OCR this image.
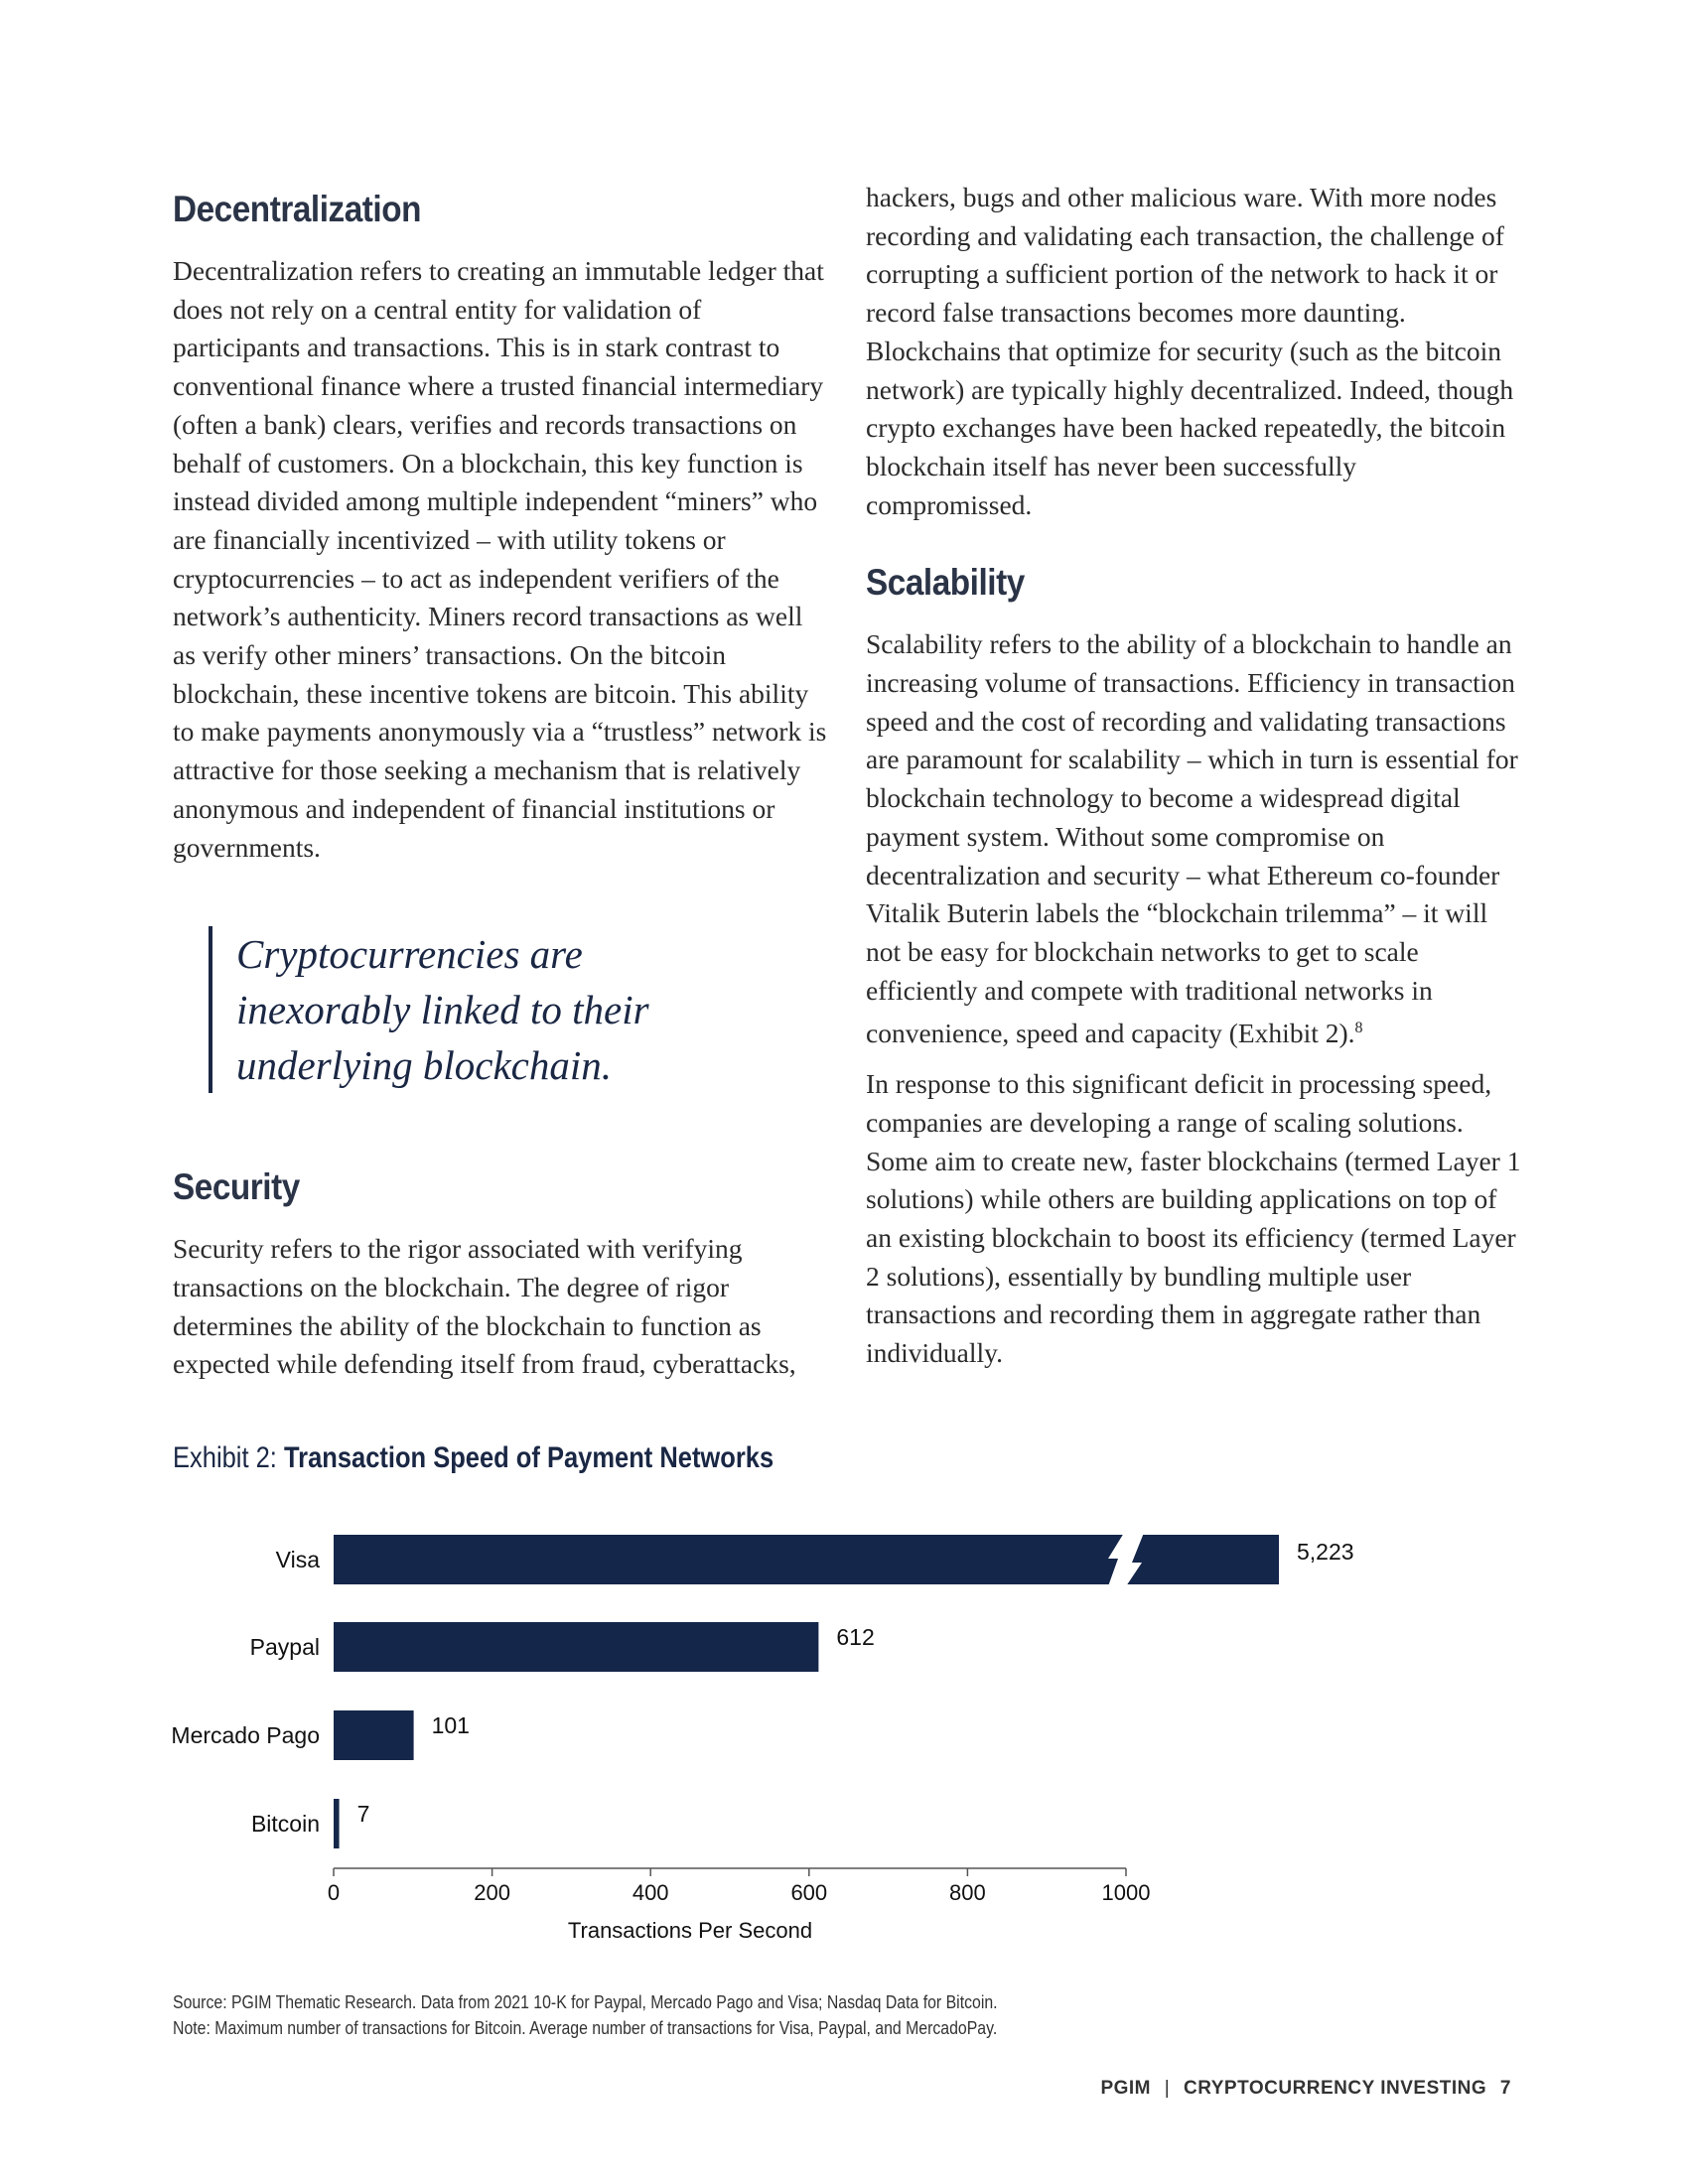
Decentralization

Decentralization refers to creating an immutable ledger that does not rely on a central entity for validation of participants and transactions. This is in stark contrast to conventional finance where a trusted financial intermediary (often a bank) clears, verifies and records transactions on behalf of customers. On a blockchain, this key function is instead divided among multiple independent “miners” who are financially incentivized – with utility tokens or cryptocurrencies – to act as independent verifiers of the network’s authenticity. Miners record transactions as well as verify other miners’ transactions. On the bitcoin blockchain, these incentive tokens are bitcoin. This ability to make payments anonymously via a “trustless” network is attractive for those seeking a mechanism that is relatively anonymous and independent of financial institutions or governments.

Cryptocurrencies are
inexorably linked to their
underlying blockchain.
Security

Security refers to the rigor associated with verifying transactions on the blockchain. The degree of rigor determines the ability of the blockchain to function as expected while defending itself from fraud, cyberattacks,

hackers, bugs and other malicious ware. With more nodes recording and validating each transaction, the challenge of corrupting a sufficient portion of the network to hack it or record false transactions becomes more daunting. Blockchains that optimize for security (such as the bitcoin network) are typically highly decentralized. Indeed, though crypto exchanges have been hacked repeatedly, the bitcoin blockchain itself has never been successfully compromissed.

Scalability

Scalability refers to the ability of a blockchain to handle an increasing volume of transactions. Efficiency in transaction speed and the cost of recording and validating transactions are paramount for scalability – which in turn is essential for blockchain technology to become a widespread digital payment system. Without some compromise on decentralization and security – what Ethereum co-founder Vitalik Buterin labels the “blockchain trilemma” – it will not be easy for blockchain networks to get to scale efficiently and compete with traditional networks in convenience, speed and capacity (Exhibit 2).$^8$

In response to this significant deficit in processing speed, companies are developing a range of scaling solutions. Some aim to create new, faster blockchains (termed Layer 1 solutions) while others are building applications on top of an existing blockchain to boost its efficiency (termed Layer 2 solutions), essentially by bundling multiple user transactions and recording them in aggregate rather than individually.

Exhibit 2: Transaction Speed of Payment Networks
Visa	5,223
Paypal	612
Mercado Pago	101
Bitcoin 7
0	200	400	600	800	1000
Transactions Per Second
Source: PGIM Thematic Research. Data from 2021 10-K for Paypal, Mercado Pago and Visa; Nasdaq Data for Bitcoin.
Note: Maximum number of transactions for Bitcoin. Average number of transactions for Visa, Paypal, and MercadoPay.
PGIM | CRYPTOCURRENCY INVESTING 7
